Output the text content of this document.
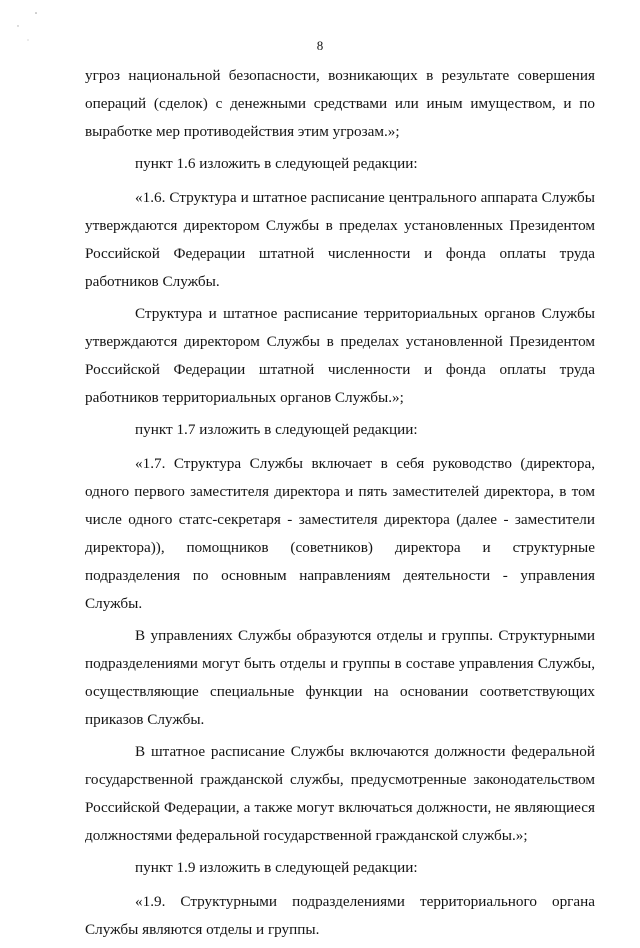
8

угроз национальной безопасности, возникающих в результате совершения операций (сделок) с денежными средствами или иным имуществом, и по выработке мер противодействия этим угрозам.»;

пункт 1.6 изложить в следующей редакции:

«1.6. Структура и штатное расписание центрального аппарата Службы утверждаются директором Службы в пределах установленных Президентом Российской Федерации штатной численности и фонда оплаты труда работников Службы.

Структура и штатное расписание территориальных органов Службы утверждаются директором Службы в пределах установленной Президентом Российской Федерации штатной численности и фонда оплаты труда работников территориальных органов Службы.»;

пункт 1.7 изложить в следующей редакции:

«1.7. Структура Службы включает в себя руководство (директора, одного первого заместителя директора и пять заместителей директора, в том числе одного статс-секретаря - заместителя директора (далее - заместители директора)), помощников (советников) директора и структурные подразделения по основным направлениям деятельности - управления Службы.

В управлениях Службы образуются отделы и группы. Структурными подразделениями могут быть отделы и группы в составе управления Службы, осуществляющие специальные функции на основании соответствующих приказов Службы.

В штатное расписание Службы включаются должности федеральной государственной гражданской службы, предусмотренные законодательством Российской Федерации, а также могут включаться должности, не являющиеся должностями федеральной государственной гражданской службы.»;

пункт 1.9 изложить в следующей редакции:

«1.9. Структурными подразделениями территориального органа Службы являются отделы и группы.
